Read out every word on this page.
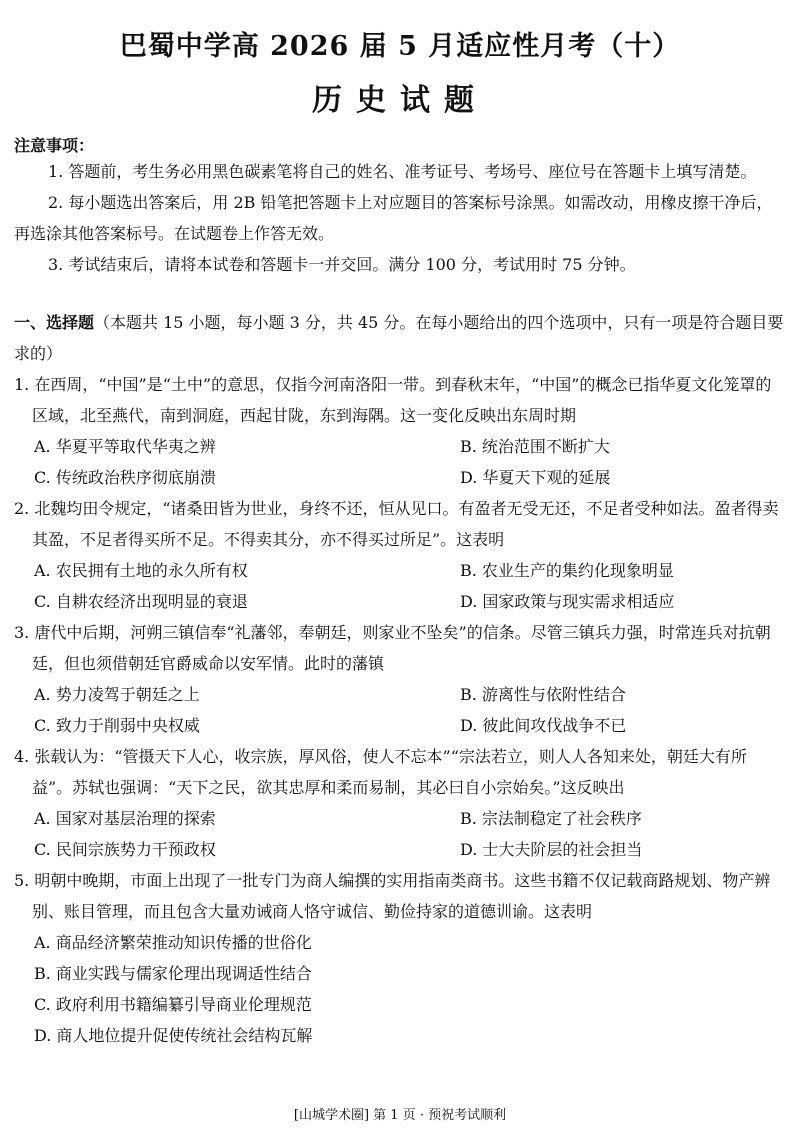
巴蜀中学高 2026 届 5 月适应性月考（十）
历史试题
注意事项：

1. 答题前，考生务必用黑色碳素笔将自己的姓名、准考证号、考场号、座位号在答题卡上填写清楚。

2. 每小题选出答案后，用 2B 铅笔把答题卡上对应题目的答案标号涂黑。如需改动，用橡皮擦干净后，再选涂其他答案标号。在试题卷上作答无效。

3. 考试结束后，请将本试卷和答题卡一并交回。满分 100 分，考试用时 75 分钟。

一、选择题（本题共 15 小题，每小题 3 分，共 45 分。在每小题给出的四个选项中，只有一项是符合题目要求的）
1. 在西周，“中国”是“土中”的意思，仅指今河南洛阳一带。到春秋末年，“中国”的概念已指华夏文化笼罩的区域，北至燕代，南到洞庭，西起甘陇，东到海隅。这一变化反映出东周时期
A. 华夏平等取代华夷之辨	B. 统治范围不断扩大
C. 传统政治秩序彻底崩溃	D. 华夏天下观的延展
2. 北魏均田令规定，“诸桑田皆为世业，身终不还，恒从见口。有盈者无受无还，不足者受种如法。盈者得卖其盈，不足者得买所不足。不得卖其分，亦不得买过所足”。这表明
A. 农民拥有土地的永久所有权	B. 农业生产的集约化现象明显
C. 自耕农经济出现明显的衰退	D. 国家政策与现实需求相适应
3. 唐代中后期，河朔三镇信奉“礼藩邻，奉朝廷，则家业不坠矣”的信条。尽管三镇兵力强，时常连兵对抗朝廷，但也须借朝廷官爵威命以安军情。此时的藩镇
A. 势力凌驾于朝廷之上	B. 游离性与依附性结合
C. 致力于削弱中央权威	D. 彼此间攻伐战争不已
4. 张载认为：“管摄天下人心，收宗族，厚风俗，使人不忘本”“宗法若立，则人人各知来处，朝廷大有所益”。苏轼也强调：“天下之民，欲其忠厚和柔而易制，其必曰自小宗始矣。”这反映出
A. 国家对基层治理的探索	B. 宗法制稳定了社会秩序
C. 民间宗族势力干预政权	D. 士大夫阶层的社会担当
5. 明朝中晚期，市面上出现了一批专门为商人编撰的实用指南类商书。这些书籍不仅记载商路规划、物产辨别、账目管理，而且包含大量劝诫商人恪守诚信、勤俭持家的道德训谕。这表明
A. 商品经济繁荣推动知识传播的世俗化
B. 商业实践与儒家伦理出现调适性结合
C. 政府利用书籍编纂引导商业伦理规范
D. 商人地位提升促使传统社会结构瓦解
[山城学术圈] 第 1 页 · 预祝考试顺利
